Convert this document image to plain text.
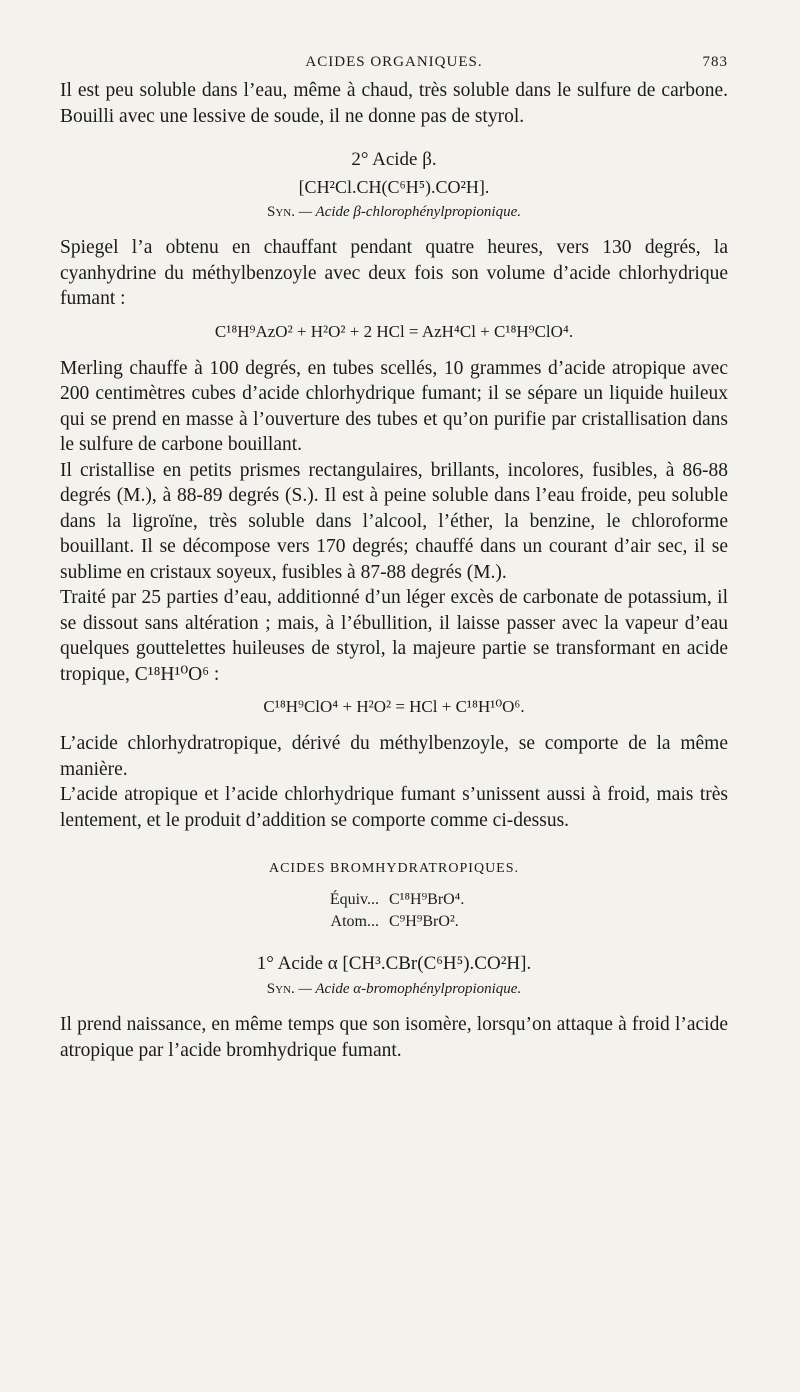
ACIDES ORGANIQUES.	783

Il est peu soluble dans l’eau, même à chaud, très soluble dans le sulfure de carbone. Bouilli avec une lessive de soude, il ne donne pas de styrol.

2° Acide β.
[CH²Cl.CH(C⁶H⁵).CO²H].
Syn. — Acide β-chlorophénylpropionique.

Spiegel l’a obtenu en chauffant pendant quatre heures, vers 130 degrés, la cyanhydrine du méthylbenzoyle avec deux fois son volume d’acide chlorhydrique fumant :

C¹⁸H⁹AzO² + H²O² + 2 HCl = AzH⁴Cl + C¹⁸H⁹ClO⁴.

Merling chauffe à 100 degrés, en tubes scellés, 10 grammes d’acide atropique avec 200 centimètres cubes d’acide chlorhydrique fumant; il se sépare un liquide huileux qui se prend en masse à l’ouverture des tubes et qu’on purifie par cristallisation dans le sulfure de carbone bouillant.

Il cristallise en petits prismes rectangulaires, brillants, incolores, fusibles, à 86-88 degrés (M.), à 88-89 degrés (S.). Il est à peine soluble dans l’eau froide, peu soluble dans la ligroïne, très soluble dans l’alcool, l’éther, la benzine, le chloroforme bouillant. Il se décompose vers 170 degrés; chauffé dans un courant d’air sec, il se sublime en cristaux soyeux, fusibles à 87-88 degrés (M.).

Traité par 25 parties d’eau, additionné d’un léger excès de carbonate de potassium, il se dissout sans altération ; mais, à l’ébullition, il laisse passer avec la vapeur d’eau quelques gouttelettes huileuses de styrol, la majeure partie se transformant en acide tropique, C¹⁸H¹⁰O⁶ :

C¹⁸H⁹ClO⁴ + H²O² = HCl + C¹⁸H¹⁰O⁶.

L’acide chlorhydratropique, dérivé du méthylbenzoyle, se comporte de la même manière.

L’acide atropique et l’acide chlorhydrique fumant s’unissent aussi à froid, mais très lentement, et le produit d’addition se comporte comme ci-dessus.

ACIDES BROMHYDRATROPIQUES.
Équiv... C¹⁸H⁹BrO⁴.
Atom... C⁹H⁹BrO².
1° Acide α [CH³.CBr(C⁶H⁵).CO²H].
Syn. — Acide α-bromophénylpropionique.

Il prend naissance, en même temps que son isomère, lorsqu’on attaque à froid l’acide atropique par l’acide bromhydrique fumant.
